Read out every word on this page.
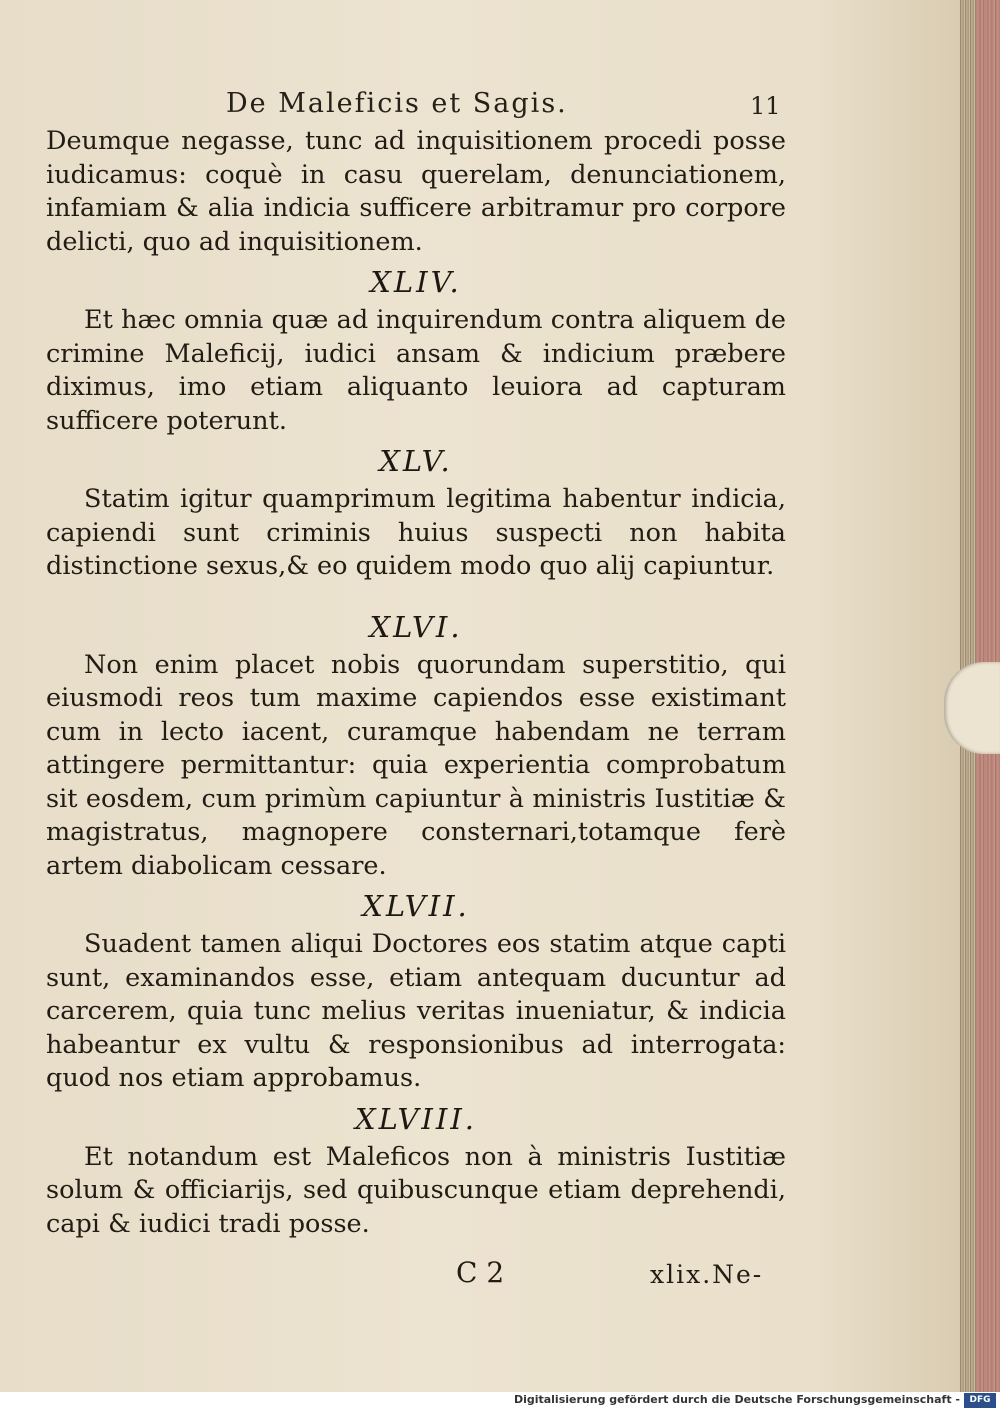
De Maleficis et Sagis.	11

Deumque negasse, tunc ad inquisitionem procedi posse iudicamus: coquè in casu querelam, denunciationem, infamiam & alia indicia sufficere arbitramur pro corpore delicti, quo ad inquisitionem.

XLIV.

Et hæc omnia quæ ad inquirendum contra aliquem de crimine Maleficij, iudici ansam & indicium præbere diximus, imo etiam aliquanto leuiora ad capturam sufficere poterunt.

XLV.

Statim igitur quamprimum legitima habentur indicia, capiendi sunt criminis huius suspecti non habita distinctione sexus,& eo quidem modo quo alij capiuntur.

XLVI.

Non enim placet nobis quorundam superstitio, qui eiusmodi reos tum maxime capiendos esse existimant cum in lecto iacent, curamque habendam ne terram attingere permittantur: quia experientia comprobatum sit eosdem, cum primùm capiuntur à ministris Iustitiæ & magistratus, magnopere consternari,totamque ferè artem diabolicam cessare.

XLVII.

Suadent tamen aliqui Doctores eos statim atque capti sunt, examinandos esse, etiam antequam ducuntur ad carcerem, quia tunc melius veritas inueniatur, & indicia habeantur ex vultu & responsionibus ad interrogata: quod nos etiam approbamus.

XLVIII.

Et notandum est Maleficos non à ministris Iustitiæ solum & officiarijs, sed quibuscunque etiam deprehendi, capi & iudici tradi posse.

C 2	xlix.Ne-
Digitalisierung gefördert durch die Deutsche Forschungsgemeinschaft -	DFG
